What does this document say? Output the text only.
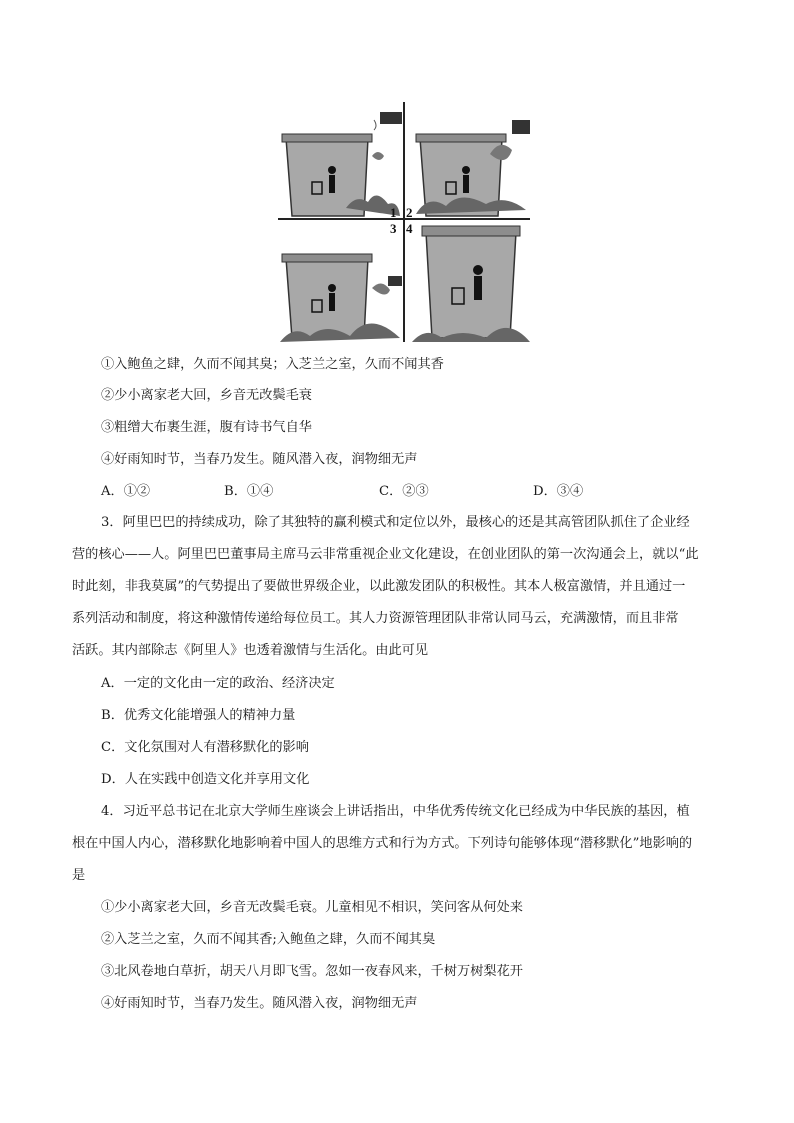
1 2
3 4
①入鲍鱼之肆，久而不闻其臭；入芝兰之室，久而不闻其香
②少小离家老大回，乡音无改鬓毛衰
③粗缯大布裹生涯，腹有诗书气自华
④好雨知时节，当春乃发生。随风潜入夜，润物细无声
A．①②	B．①④	C．②③	D．③④
3．阿里巴巴的持续成功，除了其独特的赢利模式和定位以外，最核心的还是其高管团队抓住了企业经
营的核心——人。阿里巴巴董事局主席马云非常重视企业文化建设，在创业团队的第一次沟通会上，就以“此
时此刻，非我莫属”的气势提出了要做世界级企业，以此激发团队的积极性。其本人极富激情，并且通过一
系列活动和制度，将这种激情传递给每位员工。其人力资源管理团队非常认同马云，充满激情，而且非常
活跃。其内部除志《阿里人》也透着激情与生活化。由此可见
A．一定的文化由一定的政治、经济决定
B．优秀文化能增强人的精神力量
C．文化氛围对人有潜移默化的影响
D．人在实践中创造文化并享用文化
4．习近平总书记在北京大学师生座谈会上讲话指出，中华优秀传统文化已经成为中华民族的基因，植
根在中国人内心，潜移默化地影响着中国人的思维方式和行为方式。下列诗句能够体现“潜移默化”地影响的
是
①少小离家老大回，乡音无改鬓毛衰。儿童相见不相识，笑问客从何处来
②入芝兰之室，久而不闻其香;入鲍鱼之肆，久而不闻其臭
③北风卷地白草折，胡天八月即飞雪。忽如一夜春风来，千树万树梨花开
④好雨知时节，当春乃发生。随风潜入夜，润物细无声
